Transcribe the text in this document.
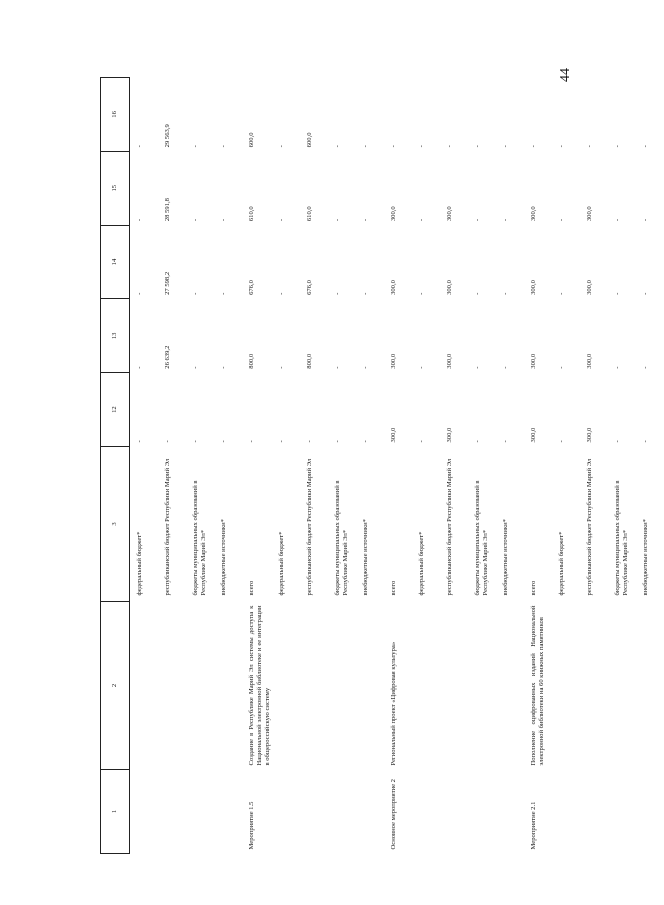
44
1	2	3	12	13	14	15	16
		федеральный бюджет*	-	-	-	-	-
		республиканский бюджет Республики Марий Эл	-	26 639,2	27 598,2	28 591,8	29 563,9
		бюджеты муниципальных образований в Республике Марий Эл*	-	-	-	-	-
		внебюджетные источники*	-	-	-	-	-
Мероприятие 1.5	Создание в Республике Марий Эл системы доступа к Национальной электронной библиотеке и ее интеграции в общероссийскую систему	всего	-	800,0	676,0	610,0	600,0
		федеральный бюджет*	-	-	-	-	-
		республиканский бюджет Республики Марий Эл	-	800,0	676,0	610,0	600,0
		бюджеты муниципальных образований в Республике Марий Эл*	-	-	-	-	-
		внебюджетные источники*	-	-	-	-	-
Основное мероприятие 2	Региональный проект «Цифровая культура»	всего	300,0	300,0	300,0	300,0	-
		федеральный бюджет*	-	-	-	-	-
		республиканский бюджет Республики Марий Эл	300,0	300,0	300,0	300,0	-
		бюджеты муниципальных образований в Республике Марий Эл*	-	-	-	-	-
		внебюджетные источники*	-	-	-	-	-
Мероприятие 2.1	Пополнение оцифрованных изданий Национальной электронной библиотеки на 60 книжных памятников	всего	300,0	300,0	300,0	300,0	-
		федеральный бюджет*	-	-	-	-	-
		республиканский бюджет Республики Марий Эл	300,0	300,0	300,0	300,0	-
		бюджеты муниципальных образований в Республике Марий Эл*	-	-	-	-	-
		внебюджетные источники*	-	-	-	-	-
